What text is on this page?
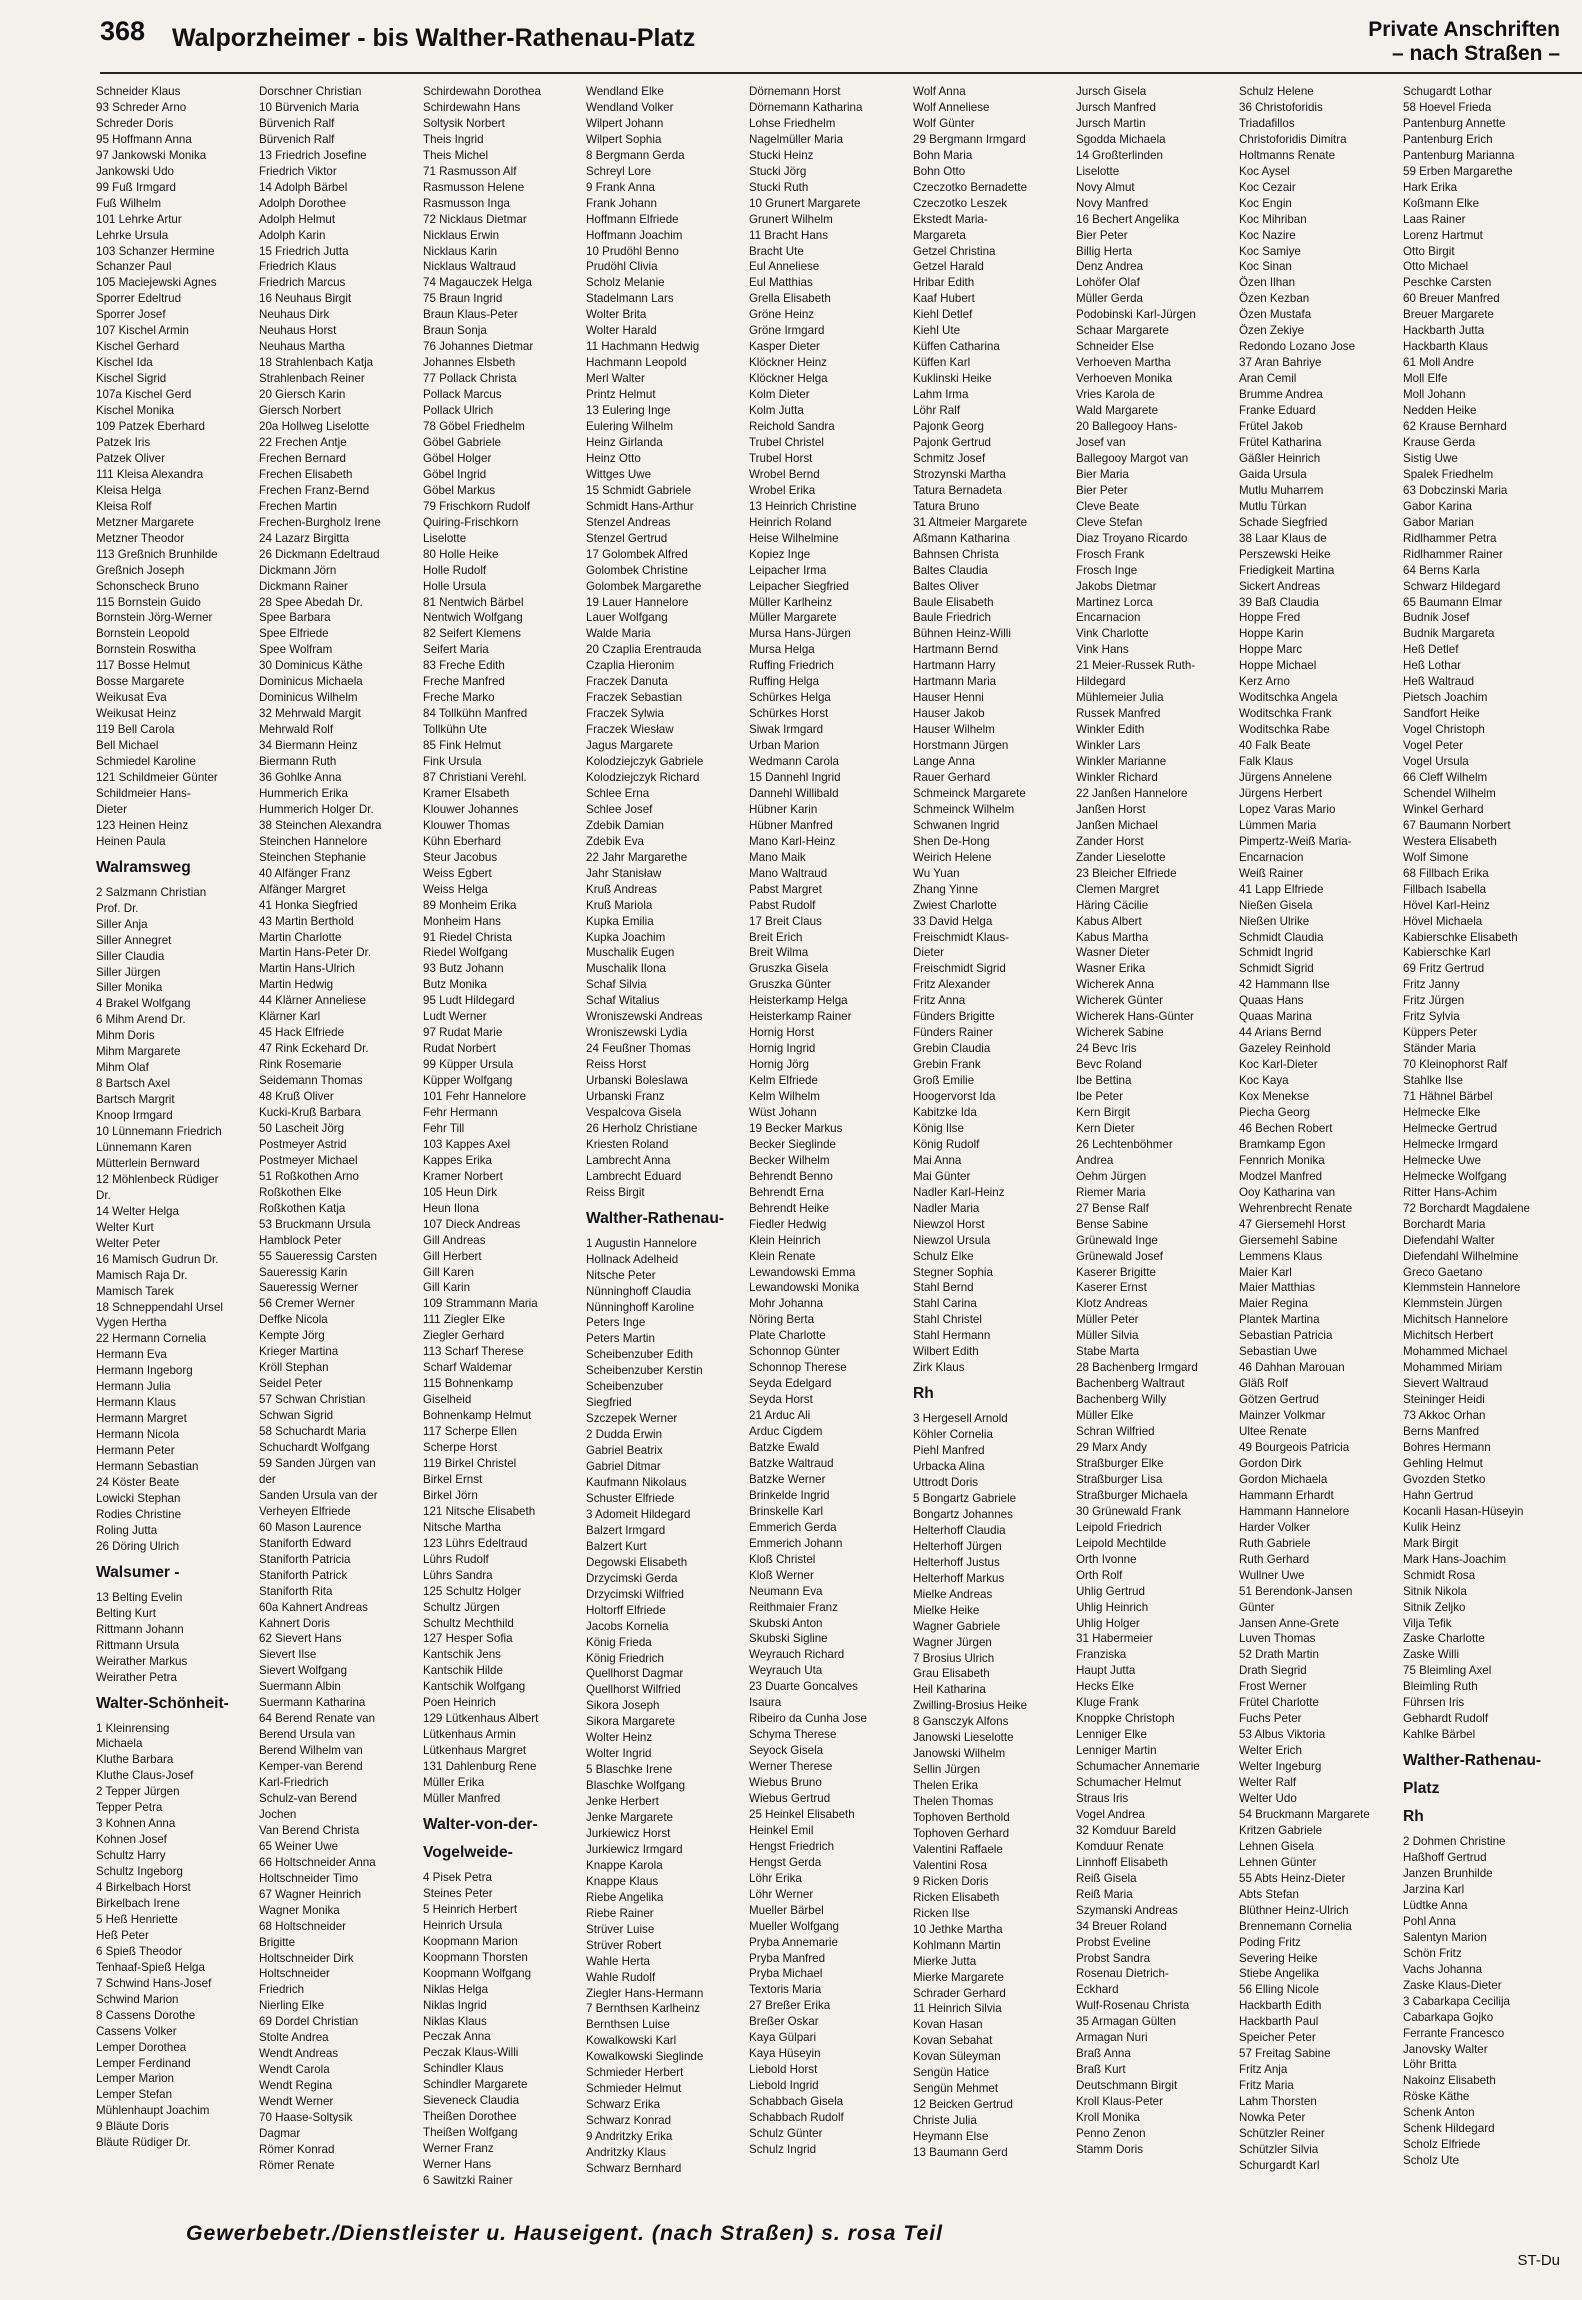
368 Walporzheimer - bis Walther-Rathenau-Platz	Private Anschriften
– nach Straßen –
Schneider Klaus
93 Schreder Arno
Schreder Doris
95 Hoffmann Anna
97 Jankowski Monika
Jankowski Udo
99 Fuß Irmgard
Fuß Wilhelm
101 Lehrke Artur
Lehrke Ursula
103 Schanzer Hermine
Schanzer Paul
105 Maciejewski Agnes
Sporrer Edeltrud
Sporrer Josef
107 Kischel Armin
Kischel Gerhard
Kischel Ida
Kischel Sigrid
107a Kischel Gerd
Kischel Monika
109 Patzek Eberhard
Patzek Iris
Patzek Oliver
111 Kleisa Alexandra
Kleisa Helga
Kleisa Rolf
Metzner Margarete
Metzner Theodor
113 Greßnich Brunhilde
Greßnich Joseph
Schonscheck Bruno
115 Bornstein Guido
Bornstein Jörg-Werner
Bornstein Leopold
Bornstein Roswitha
117 Bosse Helmut
Bosse Margarete
Weikusat Eva
Weikusat Heinz
119 Bell Carola
Bell Michael
Schmiedel Karoline
121 Schildmeier Günter
Schildmeier Hans-
Dieter
123 Heinen Heinz
Heinen Paula
Walramsweg
2 Salzmann Christian
Prof. Dr.
Siller Anja
Siller Annegret
Siller Claudia
Siller Jürgen
Siller Monika
4 Brakel Wolfgang
6 Mihm Arend Dr.
Mihm Doris
Mihm Margarete
Mihm Olaf
8 Bartsch Axel
Bartsch Margrit
Knoop Irmgard
10 Lünnemann Friedrich
Lünnemann Karen
Mütterlein Bernward
12 Möhlenbeck Rüdiger
Dr.
14 Welter Helga
Welter Kurt
Welter Peter
16 Mamisch Gudrun Dr.
Mamisch Raja Dr.
Mamisch Tarek
18 Schneppendahl Ursel
Vygen Hertha
22 Hermann Cornelia
Hermann Eva
Hermann Ingeborg
Hermann Julia
Hermann Klaus
Hermann Margret
Hermann Nicola
Hermann Peter
Hermann Sebastian
24 Köster Beate
Lowicki Stephan
Rodies Christine
Roling Jutta
26 Döring Ulrich
Walsumer -
13 Belting Evelin
Belting Kurt
Rittmann Johann
Rittmann Ursula
Weirather Markus
Weirather Petra
Walter-Schönheit-
1 Kleinrensing
Michaela
Kluthe Barbara
Kluthe Claus-Josef
2 Tepper Jürgen
Tepper Petra
3 Kohnen Anna
Kohnen Josef
Schultz Harry
Schultz Ingeborg
4 Birkelbach Horst
Birkelbach Irene
5 Heß Henriette
Heß Peter
6 Spieß Theodor
Tenhaaf-Spieß Helga
7 Schwind Hans-Josef
Schwind Marion
8 Cassens Dorothe
Cassens Volker
Lemper Dorothea
Lemper Ferdinand
Lemper Marion
Lemper Stefan
Mühlenhaupt Joachim
9 Bläute Doris
Bläute Rüdiger Dr.
Dorschner Christian
10 Bürvenich Maria
Bürvenich Ralf
Bürvenich Ralf
13 Friedrich Josefine
Friedrich Viktor
14 Adolph Bärbel
Adolph Dorothee
Adolph Helmut
Adolph Karin
15 Friedrich Jutta
Friedrich Klaus
Friedrich Marcus
16 Neuhaus Birgit
Neuhaus Dirk
Neuhaus Horst
Neuhaus Martha
18 Strahlenbach Katja
Strahlenbach Reiner
20 Giersch Karin
Giersch Norbert
20a Hollweg Liselotte
22 Frechen Antje
Frechen Bernard
Frechen Elisabeth
Frechen Franz-Bernd
Frechen Martin
Frechen-Burgholz Irene
24 Lazarz Birgitta
26 Dickmann Edeltraud
Dickmann Jörn
Dickmann Rainer
28 Spee Abedah Dr.
Spee Barbara
Spee Elfriede
Spee Wolfram
30 Dominicus Käthe
Dominicus Michaela
Dominicus Wilhelm
32 Mehrwald Margit
Mehrwald Rolf
34 Biermann Heinz
Biermann Ruth
36 Gohlke Anna
Hummerich Erika
Hummerich Holger Dr.
38 Steinchen Alexandra
Steinchen Hannelore
Steinchen Stephanie
40 Alfänger Franz
Alfänger Margret
41 Honka Siegfried
43 Martin Berthold
Martin Charlotte
Martin Hans-Peter Dr.
Martin Hans-Ulrich
Martin Hedwig
44 Klärner Anneliese
Klärner Karl
45 Hack Elfriede
47 Rink Eckehard Dr.
Rink Rosemarie
Seidemann Thomas
48 Kruß Oliver
Kucki-Kruß Barbara
50 Lascheit Jörg
Postmeyer Astrid
Postmeyer Michael
51 Roßkothen Arno
Roßkothen Elke
Roßkothen Katja
53 Bruckmann Ursula
Hamblock Peter
55 Saueressig Carsten
Saueressig Karin
Saueressig Werner
56 Cremer Werner
Deffke Nicola
Kempte Jörg
Krieger Martina
Kröll Stephan
Seidel Peter
57 Schwan Christian
Schwan Sigrid
58 Schuchardt Maria
Schuchardt Wolfgang
59 Sanden Jürgen van
der
Sanden Ursula van der
Verheyen Elfriede
60 Mason Laurence
Staniforth Edward
Staniforth Patricia
Staniforth Patrick
Staniforth Rita
60a Kahnert Andreas
Kahnert Doris
62 Sievert Hans
Sievert Ilse
Sievert Wolfgang
Suermann Albin
Suermann Katharina
64 Berend Renate van
Berend Ursula van
Berend Wilhelm van
Kemper-van Berend
Karl-Friedrich
Schulz-van Berend
Jochen
Van Berend Christa
65 Weiner Uwe
66 Holtschneider Anna
Holtschneider Timo
67 Wagner Heinrich
Wagner Monika
68 Holtschneider
Brigitte
Holtschneider Dirk
Holtschneider
Friedrich
Nierling Elke
69 Dordel Christian
Stolte Andrea
Wendt Andreas
Wendt Carola
Wendt Regina
Wendt Werner
70 Haase-Soltysik
Dagmar
Römer Konrad
Römer Renate
Schirdewahn Dorothea
Schirdewahn Hans
Soltysik Norbert
Theis Ingrid
Theis Michel
71 Rasmusson Alf
Rasmusson Helene
Rasmusson Inga
72 Nicklaus Dietmar
Nicklaus Erwin
Nicklaus Karin
Nicklaus Waltraud
74 Magauczek Helga
75 Braun Ingrid
Braun Klaus-Peter
Braun Sonja
76 Johannes Dietmar
Johannes Elsbeth
77 Pollack Christa
Pollack Marcus
Pollack Ulrich
78 Göbel Friedhelm
Göbel Gabriele
Göbel Holger
Göbel Ingrid
Göbel Markus
79 Frischkorn Rudolf
Quiring-Frischkorn
Liselotte
80 Holle Heike
Holle Rudolf
Holle Ursula
81 Nentwich Bärbel
Nentwich Wolfgang
82 Seifert Klemens
Seifert Maria
83 Freche Edith
Freche Manfred
Freche Marko
84 Tollkühn Manfred
Tollkühn Ute
85 Fink Helmut
Fink Ursula
87 Christiani Verehl.
Kramer Elsabeth
Klouwer Johannes
Klouwer Thomas
Kühn Eberhard
Steur Jacobus
Weiss Egbert
Weiss Helga
89 Monheim Erika
Monheim Hans
91 Riedel Christa
Riedel Wolfgang
93 Butz Johann
Butz Monika
95 Ludt Hildegard
Ludt Werner
97 Rudat Marie
Rudat Norbert
99 Küpper Ursula
Küpper Wolfgang
101 Fehr Hannelore
Fehr Hermann
Fehr Till
103 Kappes Axel
Kappes Erika
Kramer Norbert
105 Heun Dirk
Heun Ilona
107 Dieck Andreas
Gill Andreas
Gill Herbert
Gill Karen
Gill Karin
109 Strammann Maria
111 Ziegler Elke
Ziegler Gerhard
113 Scharf Therese
Scharf Waldemar
115 Bohnenkamp
Giselheid
Bohnenkamp Helmut
117 Scherpe Ellen
Scherpe Horst
119 Birkel Christel
Birkel Ernst
Birkel Jörn
121 Nitsche Elisabeth
Nitsche Martha
123 Lührs Edeltraud
Lührs Rudolf
Lührs Sandra
125 Schultz Holger
Schultz Jürgen
Schultz Mechthild
127 Hesper Sofia
Kantschik Jens
Kantschik Hilde
Kantschik Wolfgang
Poen Heinrich
129 Lütkenhaus Albert
Lütkenhaus Armin
Lütkenhaus Margret
131 Dahlenburg Rene
Müller Erika
Müller Manfred
Walter-von-der-
Vogelweide-
4 Pisek Petra
Steines Peter
5 Heinrich Herbert
Heinrich Ursula
Koopmann Marion
Koopmann Thorsten
Koopmann Wolfgang
Niklas Helga
Niklas Ingrid
Niklas Klaus
Peczak Anna
Peczak Klaus-Willi
Schindler Klaus
Schindler Margarete
Sieveneck Claudia
Theißen Dorothee
Theißen Wolfgang
Werner Franz
Werner Hans
6 Sawitzki Rainer
Wendland Elke
Wendland Volker
Wilpert Johann
Wilpert Sophia
8 Bergmann Gerda
Schreyl Lore
9 Frank Anna
Frank Johann
Hoffmann Elfriede
Hoffmann Joachim
10 Prudöhl Benno
Prudöhl Clivia
Scholz Melanie
Stadelmann Lars
Wolter Brita
Wolter Harald
11 Hachmann Hedwig
Hachmann Leopold
Merl Walter
Printz Helmut
13 Eulering Inge
Eulering Wilhelm
Heinz Girlanda
Heinz Otto
Wittges Uwe
15 Schmidt Gabriele
Schmidt Hans-Arthur
Stenzel Andreas
Stenzel Gertrud
17 Golombek Alfred
Golombek Christine
Golombek Margarethe
19 Lauer Hannelore
Lauer Wolfgang
Walde Maria
20 Czaplia Erentrauda
Czaplia Hieronim
Fraczek Danuta
Fraczek Sebastian
Fraczek Sylwia
Fraczek Wiesław
Jagus Margarete
Kolodziejczyk Gabriele
Kolodziejczyk Richard
Schlee Erna
Schlee Josef
Zdebik Damian
Zdebik Eva
22 Jahr Margarethe
Jahr Stanisław
Kruß Andreas
Kruß Mariola
Kupka Emilia
Kupka Joachim
Muschalik Eugen
Muschalik Ilona
Schaf Silvia
Schaf Witalius
Wroniszewski Andreas
Wroniszewski Lydia
24 Feußner Thomas
Reiss Horst
Urbanski Boleslawa
Urbanski Franz
Vespalcova Gisela
26 Herholz Christiane
Kriesten Roland
Lambrecht Anna
Lambrecht Eduard
Reiss Birgit
Walther-Rathenau-
1 Augustin Hannelore
Hollnack Adelheid
Nitsche Peter
Nünninghoff Claudia
Nünninghoff Karoline
Peters Inge
Peters Martin
Scheibenzuber Edith
Scheibenzuber Kerstin
Scheibenzuber
Siegfried
Szczepek Werner
2 Dudda Erwin
Gabriel Beatrix
Gabriel Ditmar
Kaufmann Nikolaus
Schuster Elfriede
3 Adomeit Hildegard
Balzert Irmgard
Balzert Kurt
Degowski Elisabeth
Drzycimski Gerda
Drzycimski Wilfried
Holtorff Elfriede
Jacobs Kornelia
König Frieda
König Friedrich
Quellhorst Dagmar
Quellhorst Wilfried
Sikora Joseph
Sikora Margarete
Wolter Heinz
Wolter Ingrid
5 Blaschke Irene
Blaschke Wolfgang
Jenke Herbert
Jenke Margarete
Jurkiewicz Horst
Jurkiewicz Irmgard
Knappe Karola
Knappe Klaus
Riebe Angelika
Riebe Rainer
Strüver Luise
Strüver Robert
Wahle Herta
Wahle Rudolf
Ziegler Hans-Hermann
7 Bernthsen Karlheinz
Bernthsen Luise
Kowalkowski Karl
Kowalkowski Sieglinde
Schmieder Herbert
Schmieder Helmut
Schwarz Erika
Schwarz Konrad
9 Andritzky Erika
Andritzky Klaus
Schwarz Bernhard
Dörnemann Horst
Dörnemann Katharina
Lohse Friedhelm
Nagelmüller Maria
Stucki Heinz
Stucki Jörg
Stucki Ruth
10 Grunert Margarete
Grunert Wilhelm
11 Bracht Hans
Bracht Ute
Eul Anneliese
Eul Matthias
Grella Elisabeth
Gröne Heinz
Gröne Irmgard
Kasper Dieter
Klöckner Heinz
Klöckner Helga
Kolm Dieter
Kolm Jutta
Reichold Sandra
Trubel Christel
Trubel Horst
Wrobel Bernd
Wrobel Erika
13 Heinrich Christine
Heinrich Roland
Heise Wilhelmine
Kopiez Inge
Leipacher Irma
Leipacher Siegfried
Müller Karlheinz
Müller Margarete
Mursa Hans-Jürgen
Mursa Helga
Ruffing Friedrich
Ruffing Helga
Schürkes Helga
Schürkes Horst
Siwak Irmgard
Urban Marion
Wedmann Carola
15 Dannehl Ingrid
Dannehl Willibald
Hübner Karin
Hübner Manfred
Mano Karl-Heinz
Mano Maik
Mano Waltraud
Pabst Margret
Pabst Rudolf
17 Breit Claus
Breit Erich
Breit Wilma
Gruszka Gisela
Gruszka Günter
Heisterkamp Helga
Heisterkamp Rainer
Hornig Horst
Hornig Ingrid
Hornig Jörg
Kelm Elfriede
Kelm Wilhelm
Wüst Johann
19 Becker Markus
Becker Sieglinde
Becker Wilhelm
Behrendt Benno
Behrendt Erna
Behrendt Heike
Fiedler Hedwig
Klein Heinrich
Klein Renate
Lewandowski Emma
Lewandowski Monika
Mohr Johanna
Nöring Berta
Plate Charlotte
Schonnop Günter
Schonnop Therese
Seyda Edelgard
Seyda Horst
21 Arduc Ali
Arduc Cigdem
Batzke Ewald
Batzke Waltraud
Batzke Werner
Brinkelde Ingrid
Brinskelle Karl
Emmerich Gerda
Emmerich Johann
Kloß Christel
Kloß Werner
Neumann Eva
Reithmaier Franz
Skubski Anton
Skubski Sigline
Weyrauch Richard
Weyrauch Uta
23 Duarte Goncalves
Isaura
Ribeiro da Cunha Jose
Schyma Therese
Seyock Gisela
Werner Therese
Wiebus Bruno
Wiebus Gertrud
25 Heinkel Elisabeth
Heinkel Emil
Hengst Friedrich
Hengst Gerda
Löhr Erika
Löhr Werner
Mueller Bärbel
Mueller Wolfgang
Pryba Annemarie
Pryba Manfred
Pryba Michael
Textoris Maria
27 Breßer Erika
Breßer Oskar
Kaya Gülpari
Kaya Hüseyin
Liebold Horst
Liebold Ingrid
Schabbach Gisela
Schabbach Rudolf
Schulz Günter
Schulz Ingrid
Wolf Anna
Wolf Anneliese
Wolf Günter
29 Bergmann Irmgard
Bohn Maria
Bohn Otto
Czeczotko Bernadette
Czeczotko Leszek
Ekstedt Maria-
Margareta
Getzel Christina
Getzel Harald
Hribar Edith
Kaaf Hubert
Kiehl Detlef
Kiehl Ute
Küffen Catharina
Küffen Karl
Kuklinski Heike
Lahm Irma
Löhr Ralf
Pajonk Georg
Pajonk Gertrud
Schmitz Josef
Strozynski Martha
Tatura Bernadeta
Tatura Bruno
31 Altmeier Margarete
Aßmann Katharina
Bahnsen Christa
Baltes Claudia
Baltes Oliver
Baule Elisabeth
Baule Friedrich
Bühnen Heinz-Willi
Hartmann Bernd
Hartmann Harry
Hartmann Maria
Hauser Henni
Hauser Jakob
Hauser Wilhelm
Horstmann Jürgen
Lange Anna
Rauer Gerhard
Schmeinck Margarete
Schmeinck Wilhelm
Schwanen Ingrid
Shen De-Hong
Weirich Helene
Wu Yuan
Zhang Yinne
Zwiest Charlotte
33 David Helga
Freischmidt Klaus-
Dieter
Freischmidt Sigrid
Fritz Alexander
Fritz Anna
Fünders Brigitte
Fünders Rainer
Grebin Claudia
Grebin Frank
Groß Emilie
Hoogervorst Ida
Kabitzke Ida
König Ilse
König Rudolf
Mai Anna
Mai Günter
Nadler Karl-Heinz
Nadler Maria
Niewzol Horst
Niewzol Ursula
Schulz Elke
Stegner Sophia
Stahl Bernd
Stahl Carina
Stahl Christel
Stahl Hermann
Wilbert Edith
Zirk Klaus
Rh
3 Hergesell Arnold
Köhler Cornelia
Piehl Manfred
Urbacka Alina
Uttrodt Doris
5 Bongartz Gabriele
Bongartz Johannes
Helterhoff Claudia
Helterhoff Jürgen
Helterhoff Justus
Helterhoff Markus
Mielke Andreas
Mielke Heike
Wagner Gabriele
Wagner Jürgen
7 Brosius Ulrich
Grau Elisabeth
Heil Katharina
Zwilling-Brosius Heike
8 Gansczyk Alfons
Janowski Lieselotte
Janowski Wilhelm
Sellin Jürgen
Thelen Erika
Thelen Thomas
Tophoven Berthold
Tophoven Gerhard
Valentini Raffaele
Valentini Rosa
9 Ricken Doris
Ricken Elisabeth
Ricken Ilse
10 Jethke Martha
Kohlmann Martin
Mierke Jutta
Mierke Margarete
Schrader Gerhard
11 Heinrich Silvia
Kovan Hasan
Kovan Sebahat
Kovan Süleyman
Sengün Hatice
Sengün Mehmet
12 Beicken Gertrud
Christe Julia
Heymann Else
13 Baumann Gerd
Jursch Gisela
Jursch Manfred
Jursch Martin
Sgodda Michaela
14 Großterlinden
Liselotte
Novy Almut
Novy Manfred
16 Bechert Angelika
Bier Peter
Billig Herta
Denz Andrea
Lohöfer Olaf
Müller Gerda
Podobinski Karl-Jürgen
Schaar Margarete
Schneider Else
Verhoeven Martha
Verhoeven Monika
Vries Karola de
Wald Margarete
20 Ballegooy Hans-
Josef van
Ballegooy Margot van
Bier Maria
Bier Peter
Cleve Beate
Cleve Stefan
Diaz Troyano Ricardo
Frosch Frank
Frosch Inge
Jakobs Dietmar
Martinez Lorca
Encarnacion
Vink Charlotte
Vink Hans
21 Meier-Russek Ruth-
Hildegard
Mühlemeier Julia
Russek Manfred
Winkler Edith
Winkler Lars
Winkler Marianne
Winkler Richard
22 Janßen Hannelore
Janßen Horst
Janßen Michael
Zander Horst
Zander Lieselotte
23 Bleicher Elfriede
Clemen Margret
Häring Cäcilie
Kabus Albert
Kabus Martha
Wasner Dieter
Wasner Erika
Wicherek Anna
Wicherek Günter
Wicherek Hans-Günter
Wicherek Sabine
24 Bevc Iris
Bevc Roland
Ibe Bettina
Ibe Peter
Kern Birgit
Kern Dieter
26 Lechtenböhmer
Andrea
Oehm Jürgen
Riemer Maria
27 Bense Ralf
Bense Sabine
Grünewald Inge
Grünewald Josef
Kaserer Brigitte
Kaserer Ernst
Klotz Andreas
Müller Peter
Müller Silvia
Stabe Marta
28 Bachenberg Irmgard
Bachenberg Waltraut
Bachenberg Willy
Müller Elke
Schran Wilfried
29 Marx Andy
Straßburger Elke
Straßburger Lisa
Straßburger Michaela
30 Grünewald Frank
Leipold Friedrich
Leipold Mechtilde
Orth Ivonne
Orth Rolf
Uhlig Gertrud
Uhlig Heinrich
Uhlig Holger
31 Habermeier
Franziska
Haupt Jutta
Hecks Elke
Kluge Frank
Knoppke Christoph
Lenniger Elke
Lenniger Martin
Schumacher Annemarie
Schumacher Helmut
Straus Iris
Vogel Andrea
32 Komduur Bareld
Komduur Renate
Linnhoff Elisabeth
Reiß Gisela
Reiß Maria
Szymanski Andreas
34 Breuer Roland
Probst Eveline
Probst Sandra
Rosenau Dietrich-
Eckhard
Wulf-Rosenau Christa
35 Armagan Gülten
Armagan Nuri
Braß Anna
Braß Kurt
Deutschmann Birgit
Kroll Klaus-Peter
Kroll Monika
Penno Zenon
Stamm Doris
Schulz Helene
36 Christoforidis
Triadafillos
Christoforidis Dimitra
Holtmanns Renate
Koc Aysel
Koc Cezair
Koc Engin
Koc Mihriban
Koc Nazire
Koc Samiye
Koc Sinan
Özen Ilhan
Özen Kezban
Özen Mustafa
Özen Zekiye
Redondo Lozano Jose
37 Aran Bahriye
Aran Cemil
Brumme Andrea
Franke Eduard
Frütel Jakob
Frütel Katharina
Gäßler Heinrich
Gaida Ursula
Mutlu Muharrem
Mutlu Türkan
Schade Siegfried
38 Laar Klaus de
Perszewski Heike
Friedigkeit Martina
Sickert Andreas
39 Baß Claudia
Hoppe Fred
Hoppe Karin
Hoppe Marc
Hoppe Michael
Kerz Arno
Woditschka Angela
Woditschka Frank
Woditschka Rabe
40 Falk Beate
Falk Klaus
Jürgens Annelene
Jürgens Herbert
Lopez Varas Mario
Lümmen Maria
Pimpertz-Weiß Maria-
Encarnacion
Weiß Rainer
41 Lapp Elfriede
Nießen Gisela
Nießen Ulrike
Schmidt Claudia
Schmidt Ingrid
Schmidt Sigrid
42 Hammann Ilse
Quaas Hans
Quaas Marina
44 Arians Bernd
Gazeley Reinhold
Koc Karl-Dieter
Koc Kaya
Kox Menekse
Piecha Georg
46 Bechen Robert
Bramkamp Egon
Fennrich Monika
Modzel Manfred
Ooy Katharina van
Wehrenbrecht Renate
47 Giersemehl Horst
Giersemehl Sabine
Lemmens Klaus
Maier Karl
Maier Matthias
Maier Regina
Plantek Martina
Sebastian Patricia
Sebastian Uwe
46 Dahhan Marouan
Gläß Rolf
Götzen Gertrud
Mainzer Volkmar
Ultee Renate
49 Bourgeois Patricia
Gordon Dirk
Gordon Michaela
Hammann Erhardt
Hammann Hannelore
Harder Volker
Ruth Gabriele
Ruth Gerhard
Wullner Uwe
51 Berendonk-Jansen
Günter
Jansen Anne-Grete
Luven Thomas
52 Drath Martin
Drath Siegrid
Frost Werner
Frütel Charlotte
Fuchs Peter
53 Albus Viktoria
Welter Erich
Welter Ingeburg
Welter Ralf
Welter Udo
54 Bruckmann Margarete
Kritzen Gabriele
Lehnen Gisela
Lehnen Günter
55 Abts Heinz-Dieter
Abts Stefan
Blüthner Heinz-Ulrich
Brennemann Cornelia
Poding Fritz
Severing Heike
Stiebe Angelika
56 Elling Nicole
Hackbarth Edith
Hackbarth Paul
Speicher Peter
57 Freitag Sabine
Fritz Anja
Fritz Maria
Lahm Thorsten
Nowka Peter
Schützler Reiner
Schützler Silvia
Schurgardt Karl
Schugardt Lothar
58 Hoevel Frieda
Pantenburg Annette
Pantenburg Erich
Pantenburg Marianna
59 Erben Margarethe
Hark Erika
Koßmann Elke
Laas Rainer
Lorenz Hartmut
Otto Birgit
Otto Michael
Peschke Carsten
60 Breuer Manfred
Breuer Margarete
Hackbarth Jutta
Hackbarth Klaus
61 Moll Andre
Moll Elfe
Moll Johann
Nedden Heike
62 Krause Bernhard
Krause Gerda
Sistig Uwe
Spalek Friedhelm
63 Dobczinski Maria
Gabor Karina
Gabor Marian
Ridlhammer Petra
Ridlhammer Rainer
64 Berns Karla
Schwarz Hildegard
65 Baumann Elmar
Budnik Josef
Budnik Margareta
Heß Detlef
Heß Lothar
Heß Waltraud
Pietsch Joachim
Sandfort Heike
Vogel Christoph
Vogel Peter
Vogel Ursula
66 Cleff Wilhelm
Schendel Wilhelm
Winkel Gerhard
67 Baumann Norbert
Westera Elisabeth
Wolf Simone
68 Fillbach Erika
Fillbach Isabella
Hövel Karl-Heinz
Hövel Michaela
Kabierschke Elisabeth
Kabierschke Karl
69 Fritz Gertrud
Fritz Janny
Fritz Jürgen
Fritz Sylvia
Küppers Peter
Ständer Maria
70 Kleinophorst Ralf
Stahlke Ilse
71 Hähnel Bärbel
Helmecke Elke
Helmecke Gertrud
Helmecke Irmgard
Helmecke Uwe
Helmecke Wolfgang
Ritter Hans-Achim
72 Borchardt Magdalene
Borchardt Maria
Diefendahl Walter
Diefendahl Wilhelmine
Greco Gaetano
Klemmstein Hannelore
Klemmstein Jürgen
Michitsch Hannelore
Michitsch Herbert
Mohammed Michael
Mohammed Miriam
Sievert Waltraud
Steininger Heidi
73 Akkoc Orhan
Berns Manfred
Bohres Hermann
Gehling Helmut
Gvozden Stetko
Hahn Gertrud
Kocanli Hasan-Hüseyin
Kulik Heinz
Mark Birgit
Mark Hans-Joachim
Schmidt Rosa
Sitnik Nikola
Sitnik Zeljko
Vilja Tefik
Zaske Charlotte
Zaske Willi
75 Bleimling Axel
Bleimling Ruth
Führsen Iris
Gebhardt Rudolf
Kahlke Bärbel
Walther-Rathenau-
Platz
Rh
2 Dohmen Christine
Haßhoff Gertrud
Janzen Brunhilde
Jarzina Karl
Lüdtke Anna
Pohl Anna
Salentyn Marion
Schön Fritz
Vachs Johanna
Zaske Klaus-Dieter
3 Cabarkapa Cecilija
Cabarkapa Gojko
Ferrante Francesco
Janovsky Walter
Löhr Britta
Nakoinz Elisabeth
Röske Käthe
Schenk Anton
Schenk Hildegard
Scholz Elfriede
Scholz Ute
Gewerbebetr./Dienstleister u. Hauseigent. (nach Straßen) s. rosa Teil
ST-Du
